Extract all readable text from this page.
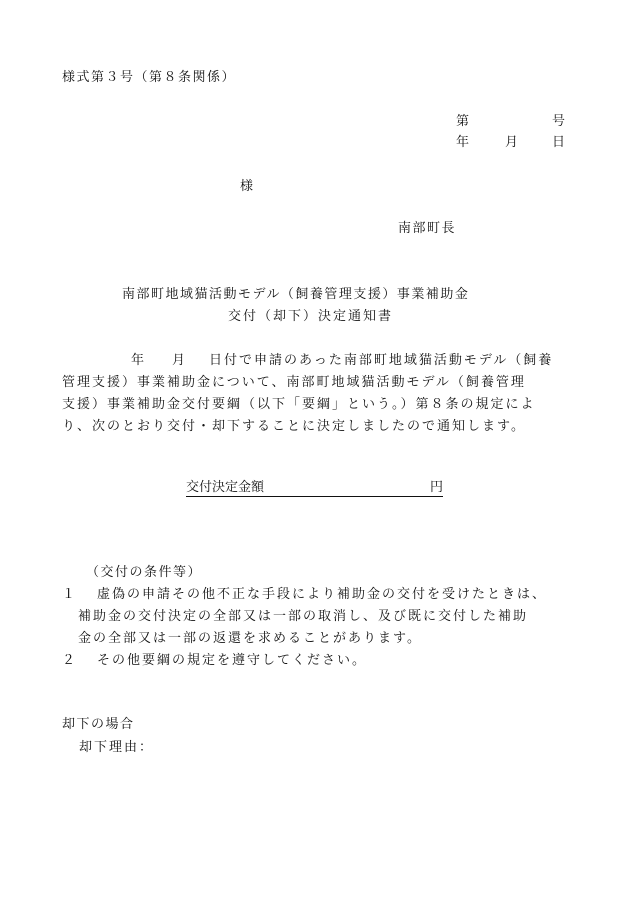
様式第３号（第８条関係）
第	号
年	月	日
様
南部町長
南部町地域猫活動モデル（飼養管理支援）事業補助金
交付（却下）決定通知書
年 月 日付で申請のあった南部町地域猫活動モデル（飼養
管理支援）事業補助金について、南部町地域猫活動モデル（飼養管理
支援）事業補助金交付要綱（以下「要綱」という。）第８条の規定によ
り、次のとおり交付・却下することに決定しましたので通知します。
交付決定金額	円
（交付の条件等）
１ 虚偽の申請その他不正な手段により補助金の交付を受けたときは、
補助金の交付決定の全部又は一部の取消し、及び既に交付した補助
金の全部又は一部の返還を求めることがあります。
２ その他要綱の規定を遵守してください。
却下の場合
却下理由：
